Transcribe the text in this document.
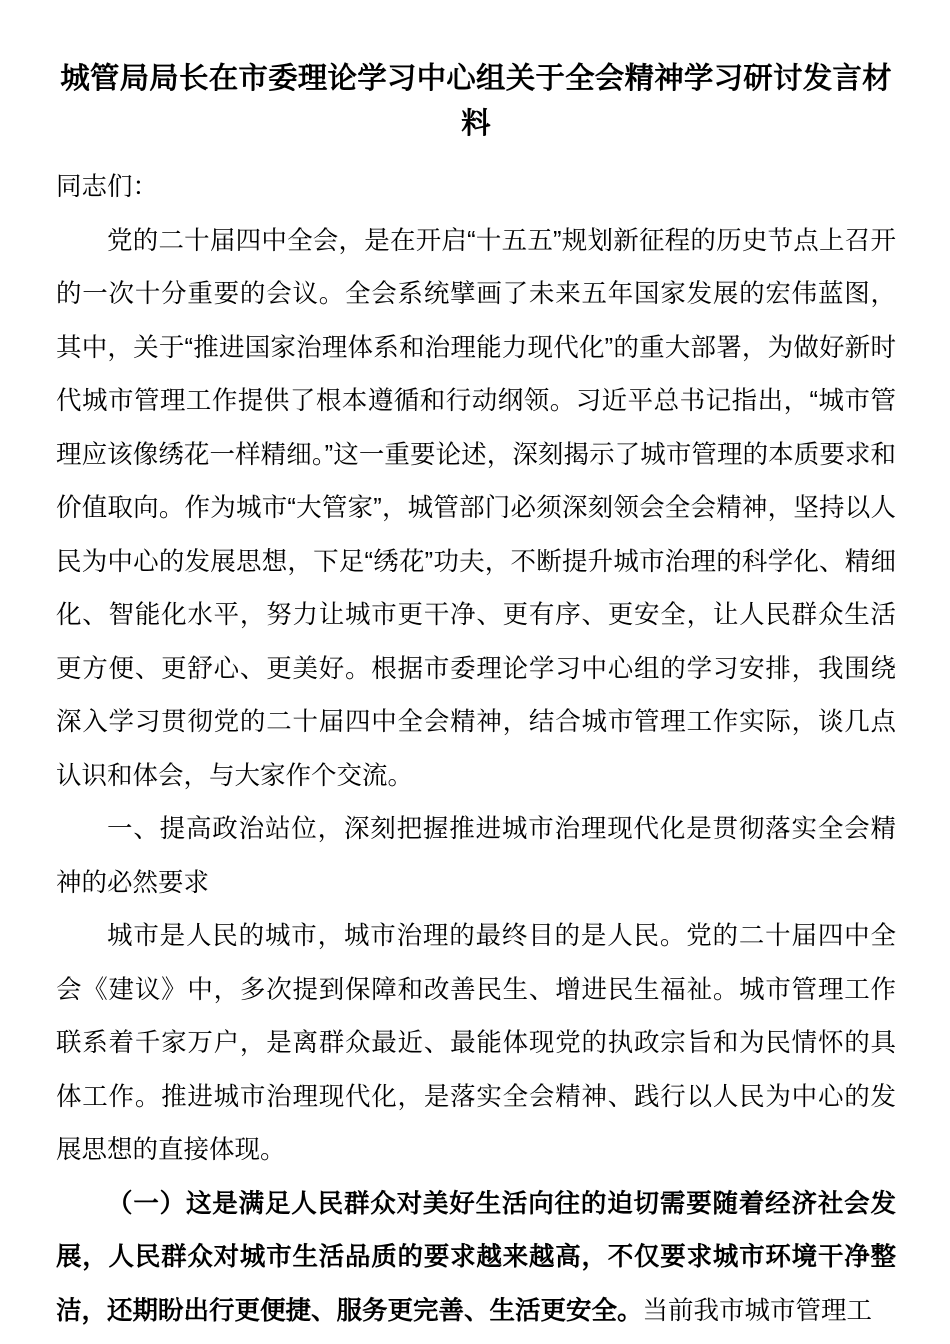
城管局局长在市委理论学习中心组关于全会精神学习研讨发言材料

同志们：

党的二十届四中全会，是在开启“十五五”规划新征程的历史节点上召开的一次十分重要的会议。全会系统擘画了未来五年国家发展的宏伟蓝图，其中，关于“推进国家治理体系和治理能力现代化”的重大部署，为做好新时代城市管理工作提供了根本遵循和行动纲领。习近平总书记指出，“城市管理应该像绣花一样精细。”这一重要论述，深刻揭示了城市管理的本质要求和价值取向。作为城市“大管家”，城管部门必须深刻领会全会精神，坚持以人民为中心的发展思想，下足“绣花”功夫，不断提升城市治理的科学化、精细化、智能化水平，努力让城市更干净、更有序、更安全，让人民群众生活更方便、更舒心、更美好。根据市委理论学习中心组的学习安排，我围绕深入学习贯彻党的二十届四中全会精神，结合城市管理工作实际，谈几点认识和体会，与大家作个交流。

一、提高政治站位，深刻把握推进城市治理现代化是贯彻落实全会精神的必然要求

城市是人民的城市，城市治理的最终目的是人民。党的二十届四中全会《建议》中，多次提到保障和改善民生、增进民生福祉。城市管理工作联系着千家万户，是离群众最近、最能体现党的执政宗旨和为民情怀的具体工作。推进城市治理现代化，是落实全会精神、践行以人民为中心的发展思想的直接体现。

（一）这是满足人民群众对美好生活向往的迫切需要随着经济社会发展，人民群众对城市生活品质的要求越来越高，不仅要求城市环境干净整洁，还期盼出行更便捷、服务更完善、生活更安全。当前我市城市管理工
